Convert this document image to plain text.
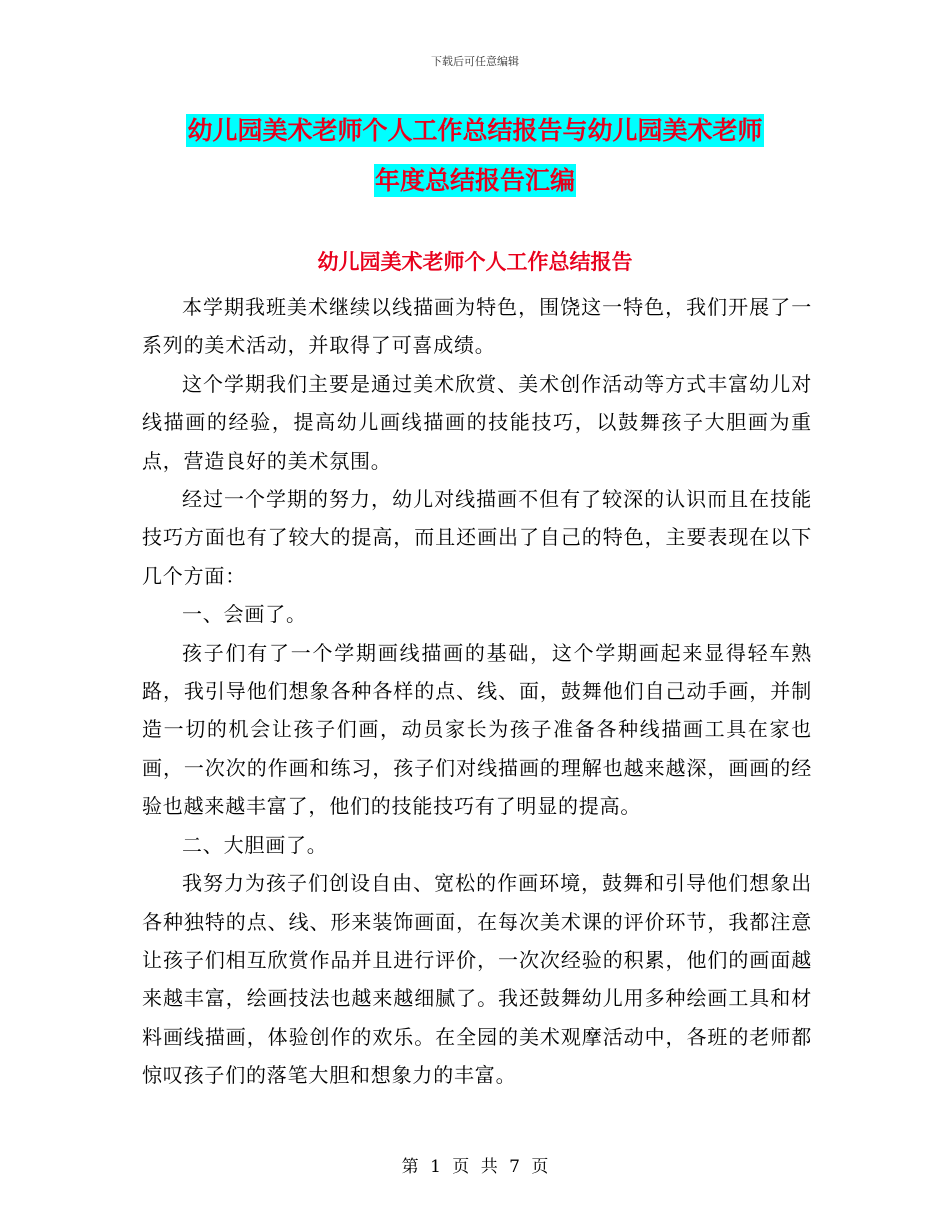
下载后可任意编辑
幼儿园美术老师个人工作总结报告与幼儿园美术老师
年度总结报告汇编
幼儿园美术老师个人工作总结报告

本学期我班美术继续以线描画为特色，围饶这一特色，我们开展了一系列的美术活动，并取得了可喜成绩。

这个学期我们主要是通过美术欣赏、美术创作活动等方式丰富幼儿对线描画的经验，提高幼儿画线描画的技能技巧，以鼓舞孩子大胆画为重点，营造良好的美术氛围。

经过一个学期的努力，幼儿对线描画不但有了较深的认识而且在技能技巧方面也有了较大的提高，而且还画出了自己的特色，主要表现在以下几个方面：

一、会画了。

孩子们有了一个学期画线描画的基础，这个学期画起来显得轻车熟路，我引导他们想象各种各样的点、线、面，鼓舞他们自己动手画，并制造一切的机会让孩子们画，动员家长为孩子准备各种线描画工具在家也画，一次次的作画和练习，孩子们对线描画的理解也越来越深，画画的经验也越来越丰富了，他们的技能技巧有了明显的提高。

二、大胆画了。

我努力为孩子们创设自由、宽松的作画环境，鼓舞和引导他们想象出各种独特的点、线、形来装饰画面，在每次美术课的评价环节，我都注意让孩子们相互欣赏作品并且进行评价，一次次经验的积累，他们的画面越来越丰富，绘画技法也越来越细腻了。我还鼓舞幼儿用多种绘画工具和材料画线描画，体验创作的欢乐。在全园的美术观摩活动中，各班的老师都惊叹孩子们的落笔大胆和想象力的丰富。

第 1 页 共 7 页
